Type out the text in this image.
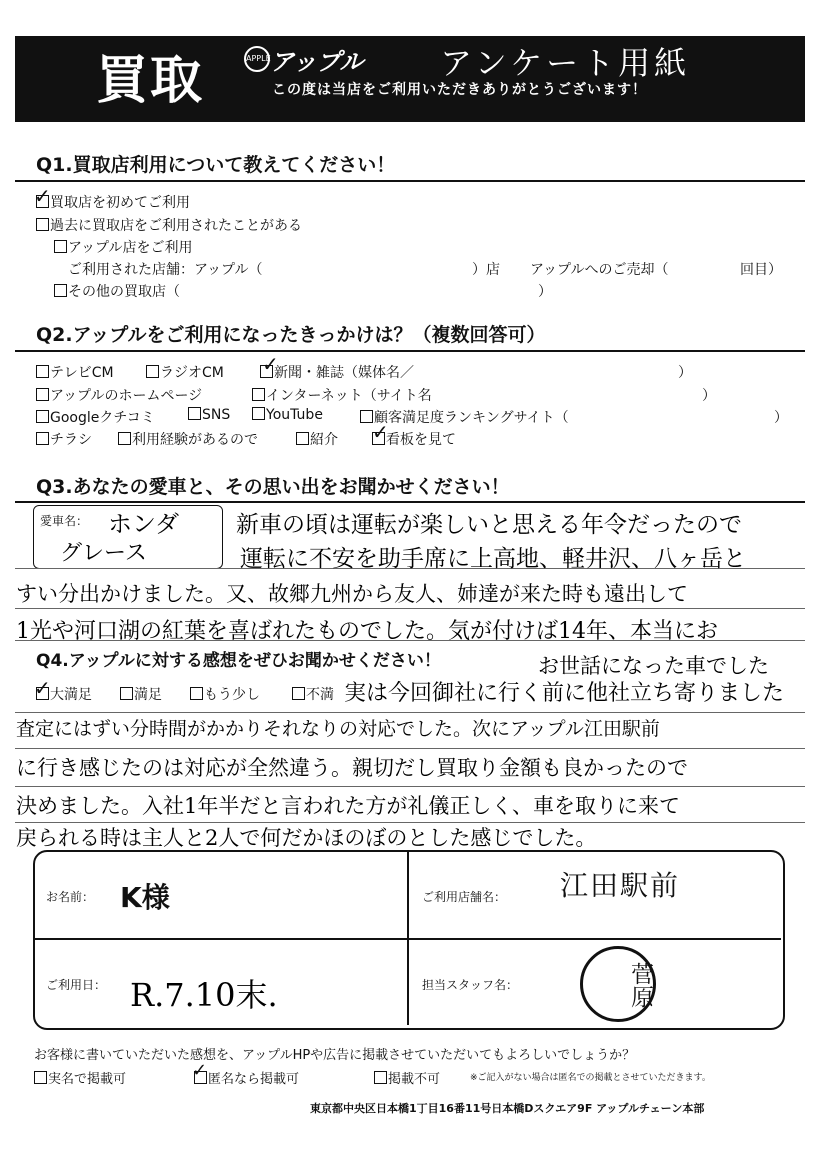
買取	APPLE アップル アンケート用紙
この度は当店をご利用いただきありがとうございます！
Q1.買取店利用について教えてください！
買取店を初めてご利用
✓
過去に買取店をご利用されたことがある
アップル店をご利用
ご利用された店舗：アップル（	）店 アップルへのご売却（	回目）
その他の買取店（	）
Q2.アップルをご利用になったきっかけは？（複数回答可）
テレビCM	ラジオCM	新聞・雑誌（媒体名／
✓	）
アップルのホームページ	インターネット（サイト名	）
Googleクチコミ	SNS	YouTube	顧客満足度ランキングサイト（	）
チラシ	利用経験があるので	紹介	看板を見て
✓
Q3.あなたの愛車と、その思い出をお聞かせください！
愛車名： ホンダ
グレース
新車の頃は運転が楽しいと思える年令だったので
運転に不安を助手席に上高地、軽井沢、八ヶ岳と
すい分出かけました。又、故郷九州から友人、姉達が来た時も遠出して
1光や河口湖の紅葉を喜ばれたものでした。気が付けば14年、本当にお
お世話になった車でした
Q4.アップルに対する感想をぜひお聞かせください！
大満足
✓	満足	もう少し	不満 実は今回御社に行く前に他社立ち寄りました
査定にはずい分時間がかかりそれなりの対応でした。次にアップル江田駅前
に行き感じたのは対応が全然違う。親切だし買取り金額も良かったので
決めました。入社1年半だと言われた方が礼儀正しく、車を取りに来て
戻られる時は主人と2人で何だかほのぼのとした感じでした。
お名前： K様	ご利用店舗名： 江田駅前
ご利用日： R.7.10末.	担当スタッフ名：	菅原
お客様に書いていただいた感想を、アップルHPや広告に掲載させていただいてもよろしいでしょうか？
実名で掲載可	匿名なら掲載可
✓	掲載不可	※ご記入がない場合は匿名での掲載とさせていただきます。
東京都中央区日本橋1丁目16番11号日本橋Dスクエア9F アップルチェーン本部
